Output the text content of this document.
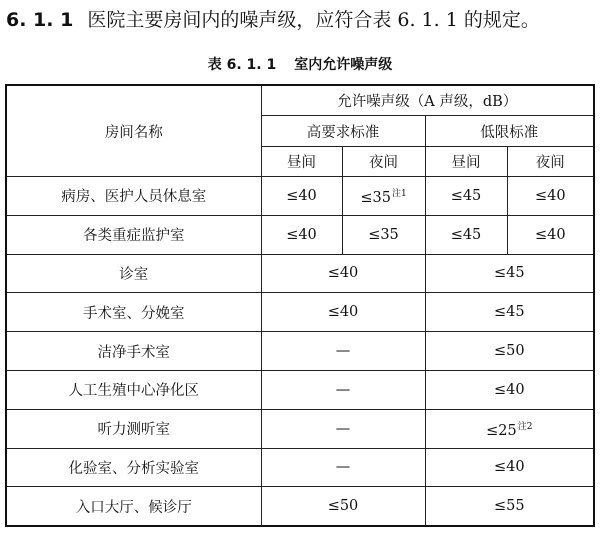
6. 1. 1 医院主要房间内的噪声级，应符合表 6. 1. 1 的规定。
表 6. 1. 1 室内允许噪声级
房间名称	允许噪声级（A 声级，dB）			
	高要求标准		低限标准	
	昼间	夜间	昼间	夜间
病房、医护人员休息室	≤40	$\le 35^{注1}$	≤45	≤40
各类重症监护室	≤40	≤35	≤45	≤40
诊室	≤40		≤45	
手术室、分娩室	≤40		≤45	
洁净手术室	—		≤50	
人工生殖中心净化区	—		≤40	
听力测听室	—		$\le 25^{注2}$
化验室、分析实验室	—		≤40	
入口大厅、候诊厅	≤50		≤55	
